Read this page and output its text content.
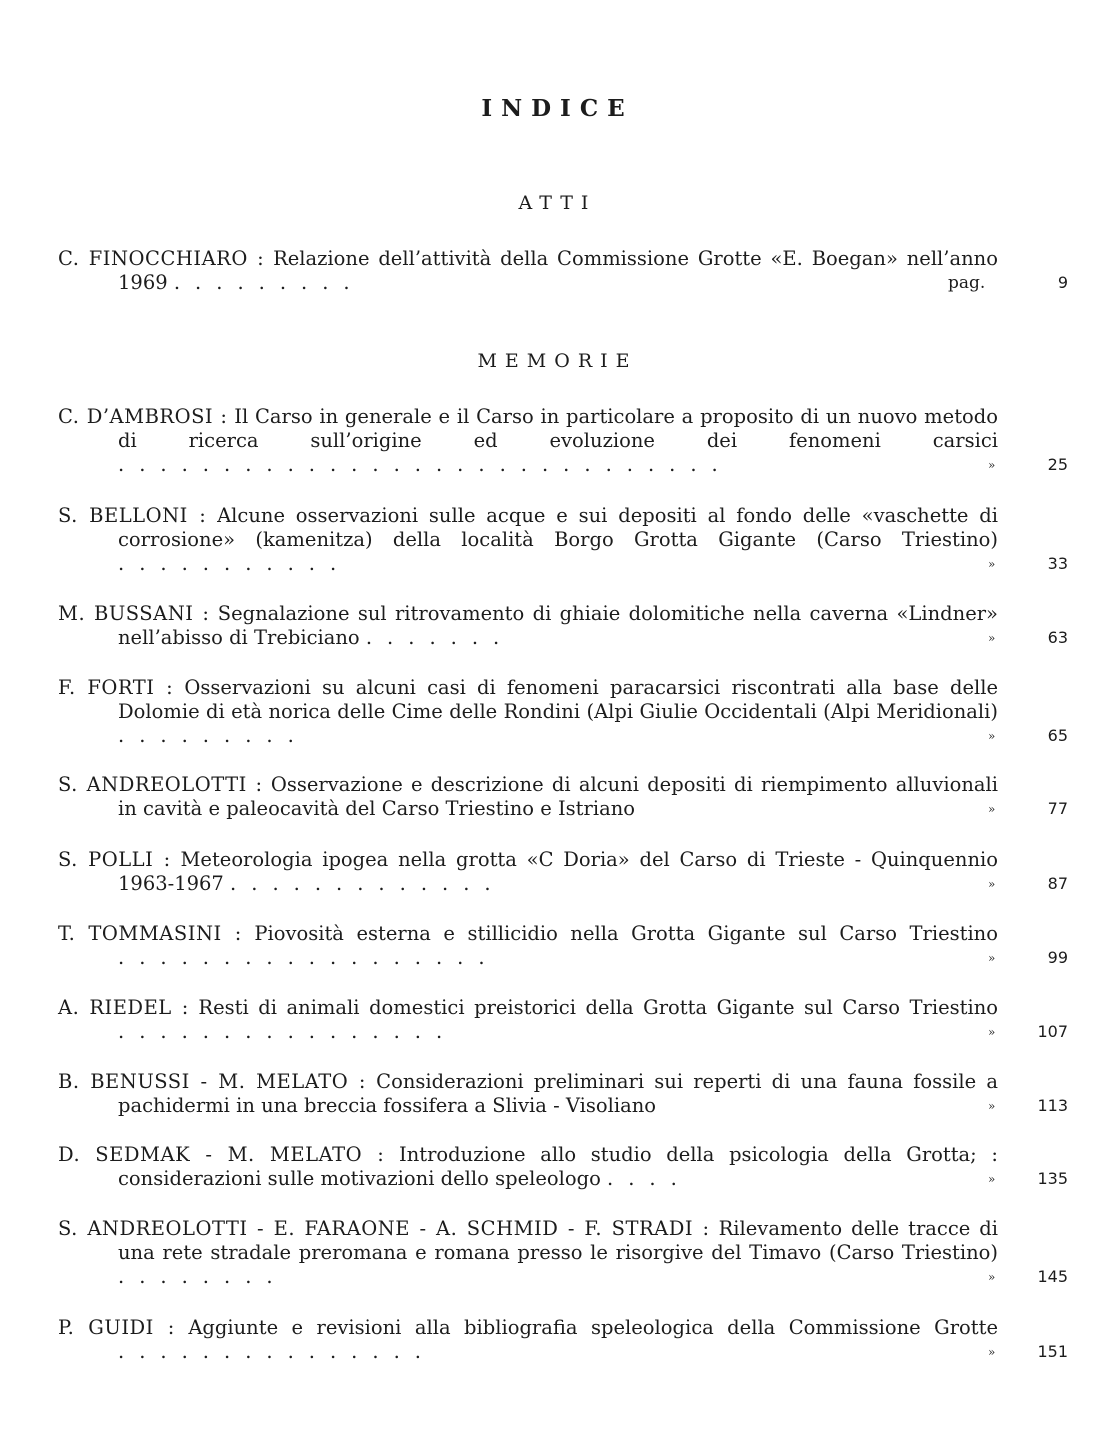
INDICE
ATTI
C. FINOCCHIARO : Relazione dell’attività della Commissione Grotte «E. Boegan» nell’anno 1969 .........	pag.	9
MEMORIE
C. D’AMBROSI : Il Carso in generale e il Carso in particolare a proposito di un nuovo metodo di ricerca sull’origine ed evoluzione dei fenomeni carsici .............................	»	25
S. BELLONI : Alcune osservazioni sulle acque e sui depositi al fondo delle «vaschette di corrosione» (kamenitza) della località Borgo Grotta Gigante (Carso Triestino) ...........	»	33
M. BUSSANI : Segnalazione sul ritrovamento di ghiaie dolomitiche nella caverna «Lindner» nell’abisso di Trebiciano .......	»	63
F. FORTI : Osservazioni su alcuni casi di fenomeni paracarsici riscontrati alla base delle Dolomie di età norica delle Cime delle Rondini (Alpi Giulie Occidentali (Alpi Meridionali) .........	»	65
S. ANDREOLOTTI : Osservazione e descrizione di alcuni depositi di riempimento alluvionali in cavità e paleocavità del Carso Triestino e Istriano	»	77
S. POLLI : Meteorologia ipogea nella grotta «C Doria» del Carso di Trieste - Quinquennio 1963-1967 .............	»	87
T. TOMMASINI : Piovosità esterna e stillicidio nella Grotta Gigante sul Carso Triestino ..................	»	99
A. RIEDEL : Resti di animali domestici preistorici della Grotta Gigante sul Carso Triestino ................	»	107
B. BENUSSI - M. MELATO : Considerazioni preliminari sui reperti di una fauna fossile a pachidermi in una breccia fossifera a Slivia - Visoliano	»	113
D. SEDMAK - M. MELATO : Introduzione allo studio della psicologia della Grotta; : considerazioni sulle motivazioni dello speleologo ....	»	135
S. ANDREOLOTTI - E. FARAONE - A. SCHMID - F. STRADI : Rilevamento delle tracce di una rete stradale preromana e romana presso le risorgive del Timavo (Carso Triestino) ........	»	145
P. GUIDI : Aggiunte e revisioni alla bibliografia speleologica della Commissione Grotte ...............	»	151
